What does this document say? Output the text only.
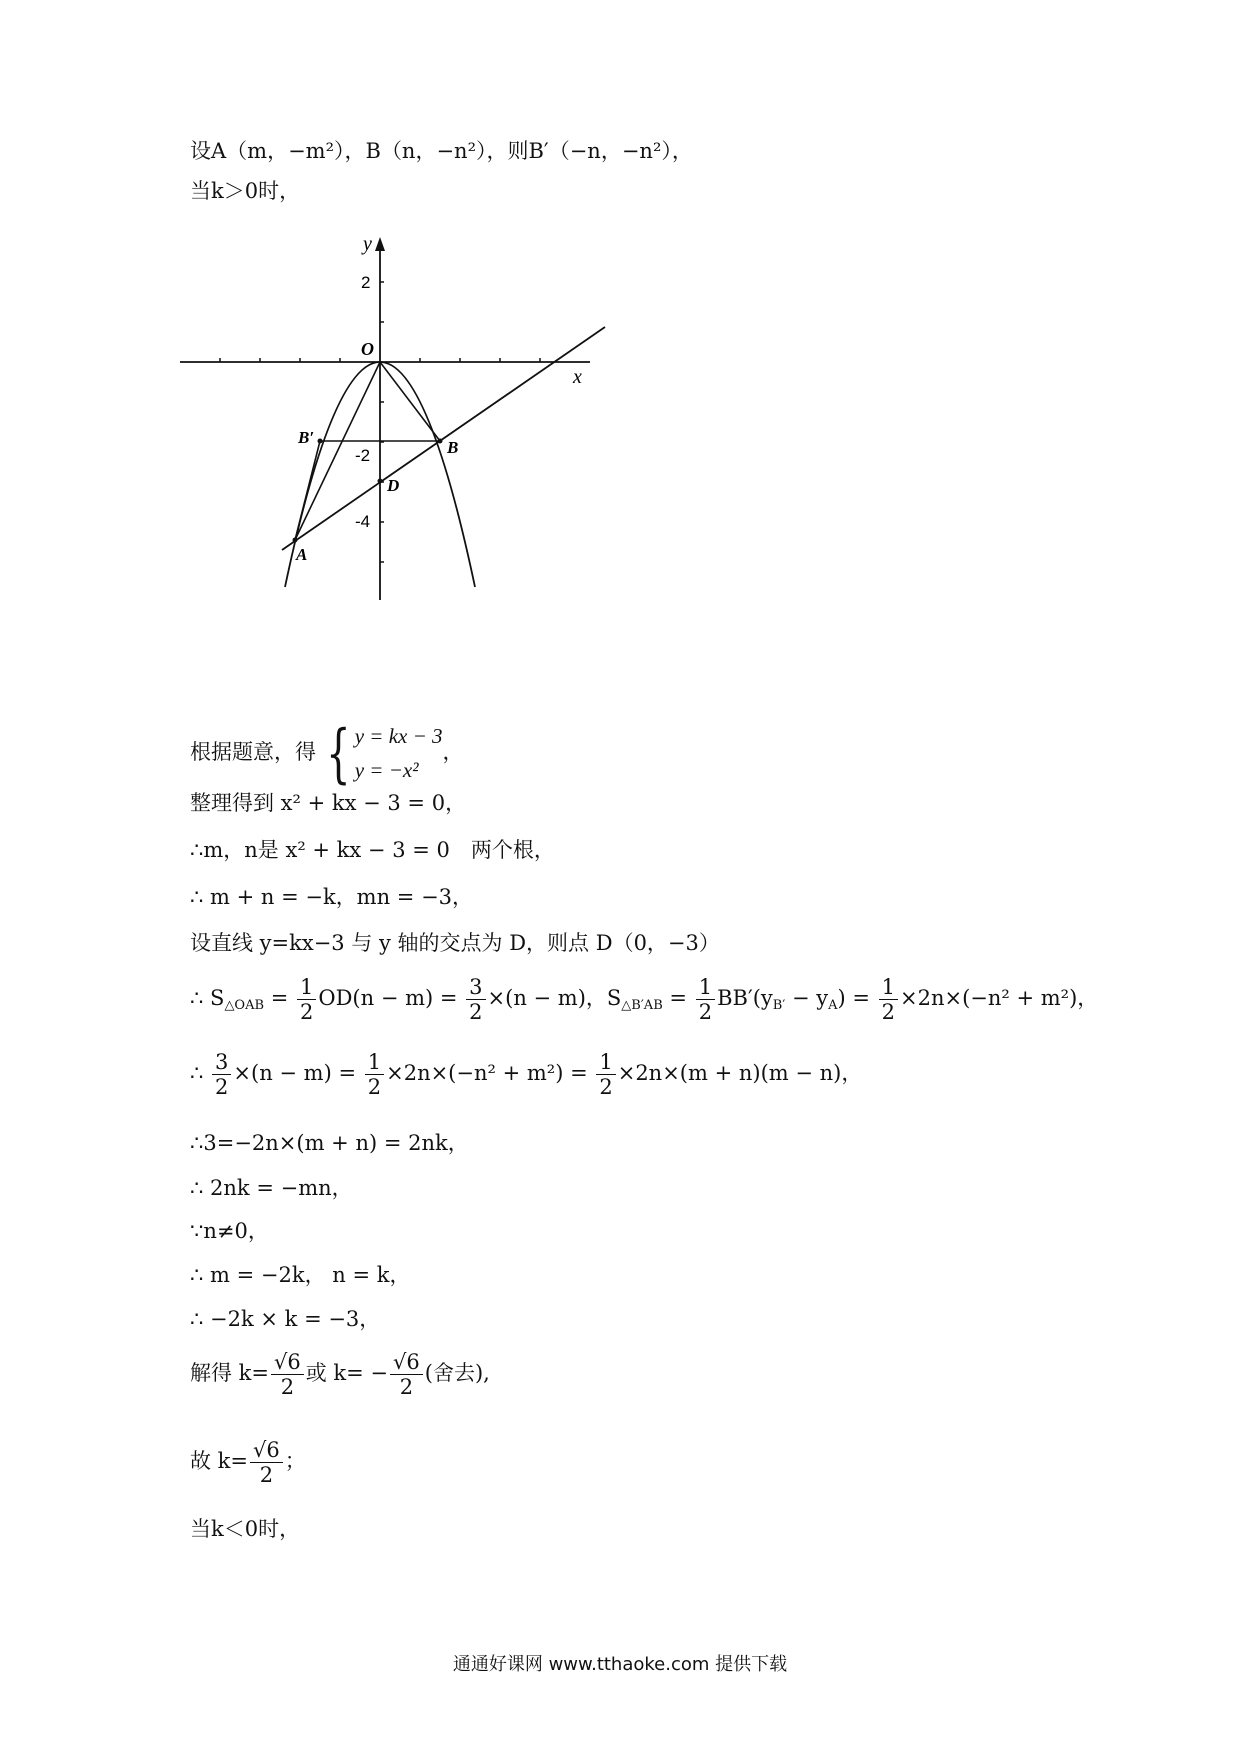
设A（m，−m²），B（n，−n²），则B′（−n，−n²），
当k＞0时，
y
x
O
2
-2
-4
A
B
B′
D
根据题意，得 { y = kx − 3
y = −x²
，
整理得到 x² + kx − 3 = 0，
∴m，n是 x² + kx − 3 = 0　两个根，
∴ m + n = −k，mn = −3，
设直线 y=kx−3 与 y 轴的交点为 D，则点 D（0，−3）
∴ $S_{\triangle OAB} = \frac{1}{2} OD(n - m) = \frac{3}{2} \times(n - m)$，$S_{\triangle B'AB} = \frac{1}{2} BB'(y_{B'} - y_A) = \frac{1}{2} \times 2n\times(-n^2 + m^2)$，
∴ $\frac{3}{2} \times(n - m) = \frac{1}{2} \times 2n\times(-n^2 + m^2) = \frac{1}{2} \times 2n\times(m + n)(m - n)$，
∴3=−2n×(m + n) = 2nk，
∴ 2nk = −mn，
∵n≠0，
∴ m = −2k， n = k，
∴ −2k × k = −3，
解得 $k= \frac{√6}{2}$ 或 $k= - \frac{√6}{2}$ (舍去),
故 $k= \frac{√6}{2}$ ；
当k＜0时，
通通好课网 www.tthaoke.com 提供下载
